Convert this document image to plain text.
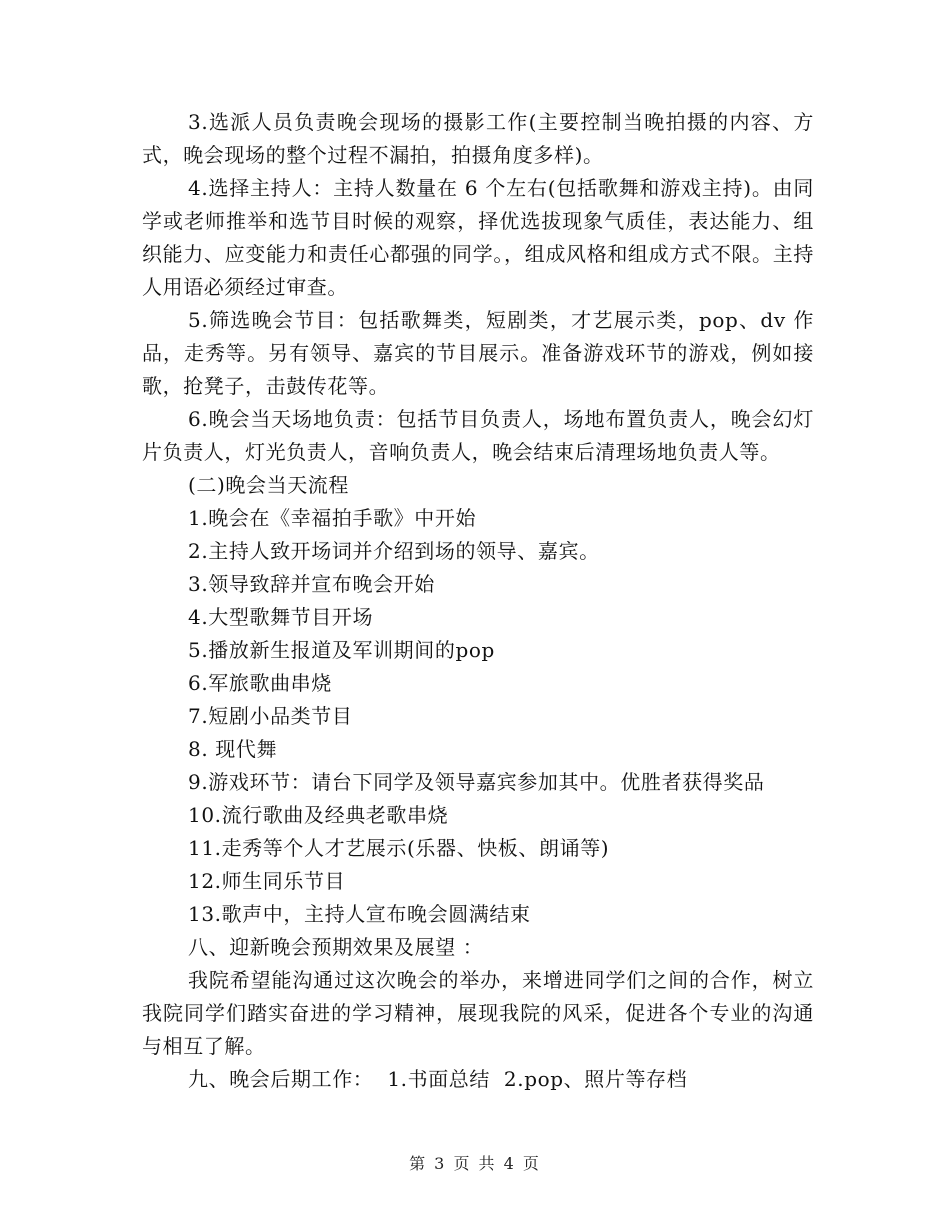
3.选派人员负责晚会现场的摄影工作(主要控制当晚拍摄的内容、方式，晚会现场的整个过程不漏拍，拍摄角度多样)。

4.选择主持人：主持人数量在 6 个左右(包括歌舞和游戏主持)。由同学或老师推举和选节目时候的观察，择优选拔现象气质佳，表达能力、组织能力、应变能力和责任心都强的同学。，组成风格和组成方式不限。主持人用语必须经过审查。

5.筛选晚会节目：包括歌舞类，短剧类，才艺展示类，pop、dv 作品，走秀等。另有领导、嘉宾的节目展示。准备游戏环节的游戏，例如接歌，抢凳子，击鼓传花等。

6.晚会当天场地负责：包括节目负责人，场地布置负责人，晚会幻灯片负责人，灯光负责人，音响负责人，晚会结束后清理场地负责人等。

(二)晚会当天流程

1.晚会在《幸福拍手歌》中开始

2.主持人致开场词并介绍到场的领导、嘉宾。

3.领导致辞并宣布晚会开始

4.大型歌舞节目开场

5.播放新生报道及军训期间的pop

6.军旅歌曲串烧

7.短剧小品类节目

8. 现代舞

9.游戏环节：请台下同学及领导嘉宾参加其中。优胜者获得奖品

10.流行歌曲及经典老歌串烧

11.走秀等个人才艺展示(乐器、快板、朗诵等)

12.师生同乐节目

13.歌声中，主持人宣布晚会圆满结束

八、迎新晚会预期效果及展望 ：

我院希望能沟通过这次晚会的举办，来增进同学们之间的合作，树立我院同学们踏实奋进的学习精神，展现我院的风采，促进各个专业的沟通与相互了解。

九、晚会后期工作：  1.书面总结  2.pop、照片等存档

第 3 页 共 4 页
